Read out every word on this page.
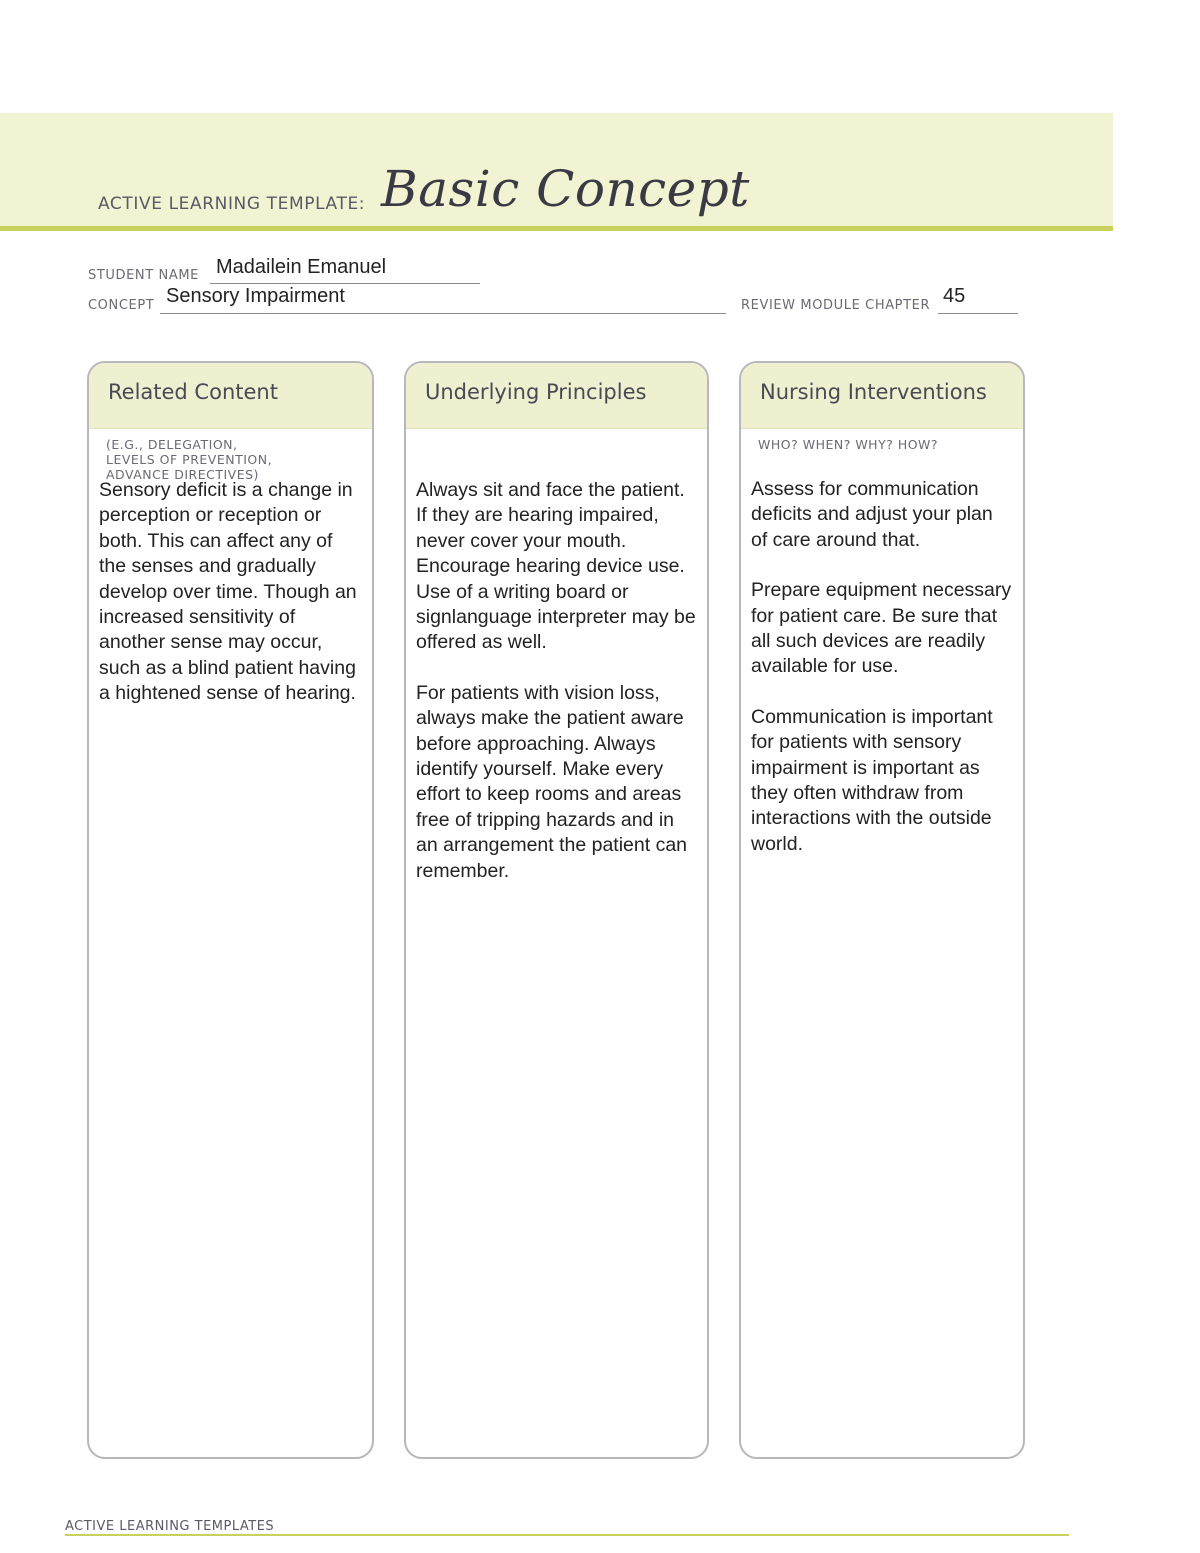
ACTIVE LEARNING TEMPLATE: Basic Concept
STUDENT NAME Madailein Emanuel
CONCEPT Sensory Impairment	REVIEW MODULE CHAPTER 45
Related Content
(E.G., DELEGATION,
LEVELS OF PREVENTION,
ADVANCE DIRECTIVES)

Sensory deficit is a change in perception or reception or both. This can affect any of the senses and gradually develop over time. Though an increased sensitivity of another sense may occur, such as a blind patient having a hightened sense of hearing.

Underlying Principles

Always sit and face the patient. If they are hearing impaired, never cover your mouth. Encourage hearing device use. Use of a writing board or signlanguage interpreter may be offered as well.

For patients with vision loss, always make the patient aware before approaching. Always identify yourself. Make every effort to keep rooms and areas free of tripping hazards and in an arrangement the patient can remember.

Nursing Interventions
WHO? WHEN? WHY? HOW?

Assess for communication deficits and adjust your plan of care around that.

Prepare equipment necessary for patient care. Be sure that all such devices are readily available for use.

Communication is important for patients with sensory impairment is important as they often withdraw from interactions with the outside world.

ACTIVE LEARNING TEMPLATES
